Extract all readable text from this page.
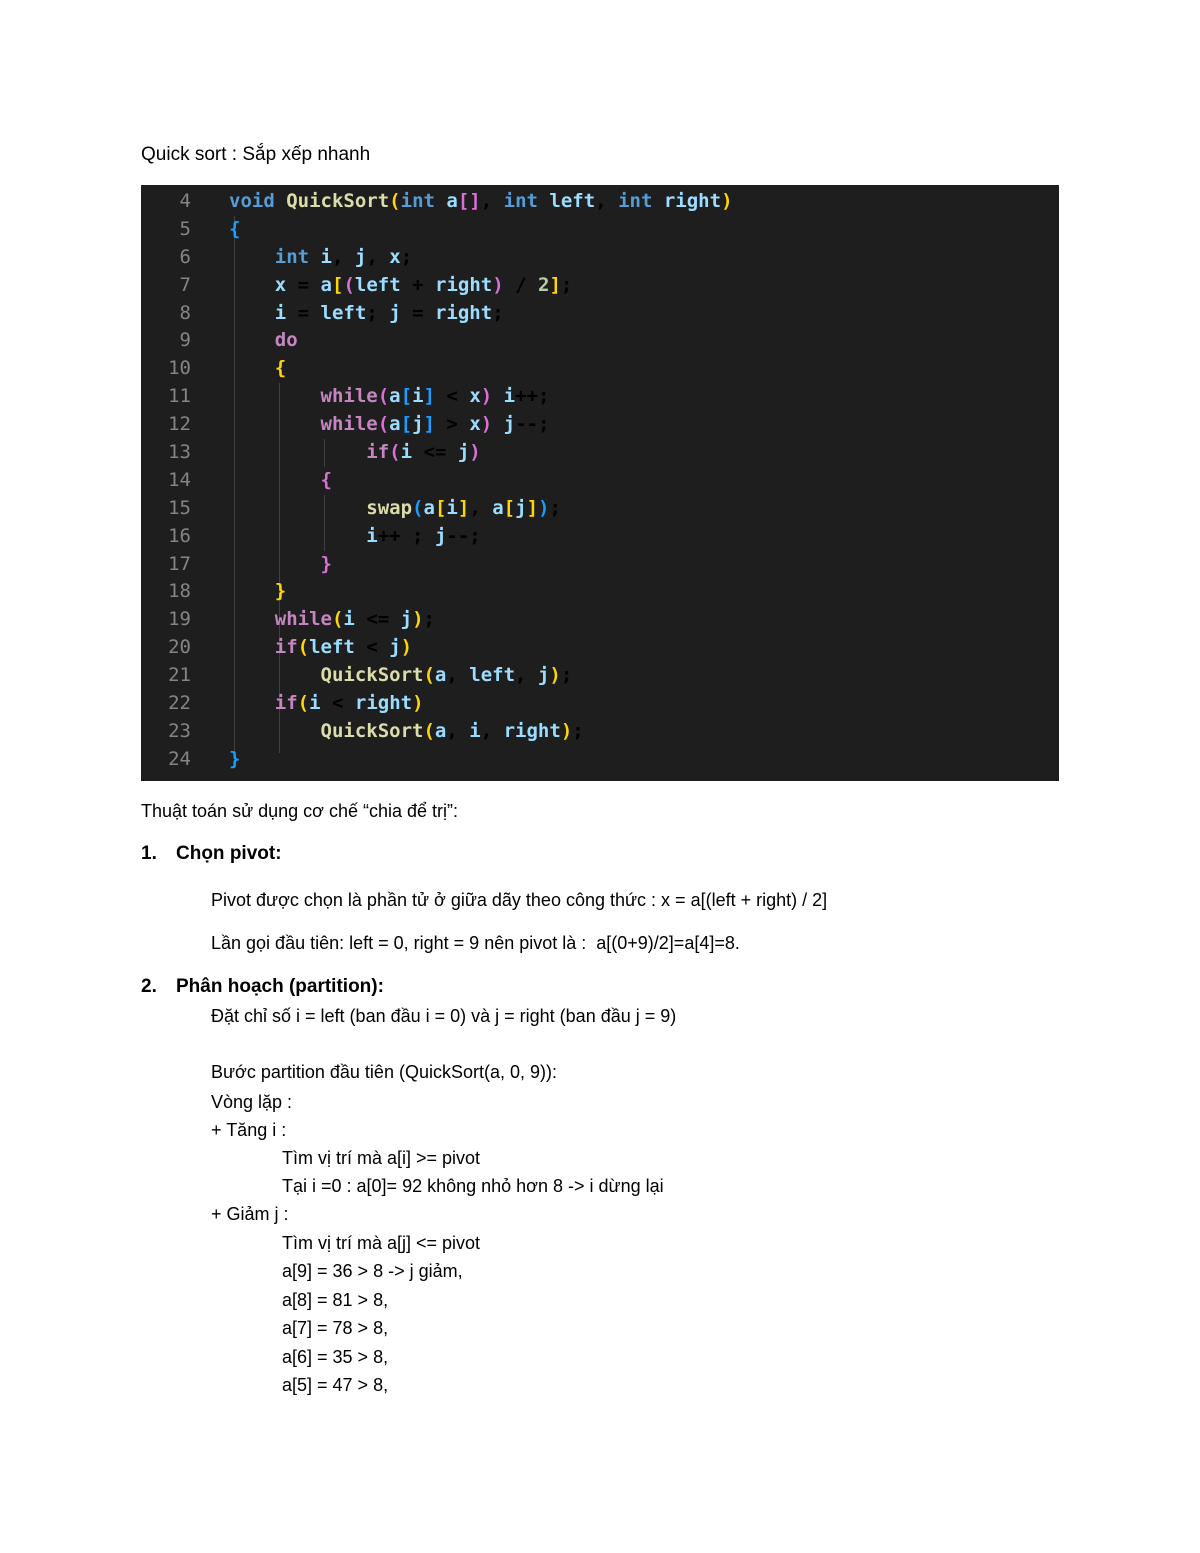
Quick sort : Sắp xếp nhanh
4 void QuickSort(int a[], int left, int right)
5 {
6	int i, j, x;
7	x = a[(left + right) / 2];
8	i = left; j = right;
9	do
10	{
11	while(a[i] < x) i++;
12	while(a[j] > x) j--;
13	if(i <= j)
14	{
15	swap(a[i], a[j]);
16	i++ ; j--;
17	}
18	}
19	while(i <= j);
20	if(left < j)
21	QuickSort(a, left, j);
22	if(i < right)
23	QuickSort(a, i, right);
24 }
Thuật toán sử dụng cơ chế “chia để trị”:
1. Chọn pivot:
Pivot được chọn là phần tử ở giữa dãy theo công thức : x = a[(left + right) / 2]
Lần gọi đầu tiên: left = 0, right = 9 nên pivot là :  a[(0+9)/2]=a[4]=8.
2. Phân hoạch (partition):
Đặt chỉ số i = left (ban đầu i = 0) và j = right (ban đầu j = 9)
Bước partition đầu tiên (QuickSort(a, 0, 9)):
Vòng lặp :
+ Tăng i :
Tìm vị trí mà a[i] >= pivot
Tại i =0 : a[0]= 92 không nhỏ hơn 8 -> i dừng lại
+ Giảm j :
Tìm vị trí mà a[j] <= pivot
a[9] = 36 > 8 -> j giảm,
a[8] = 81 > 8,
a[7] = 78 > 8,
a[6] = 35 > 8,
a[5] = 47 > 8,
